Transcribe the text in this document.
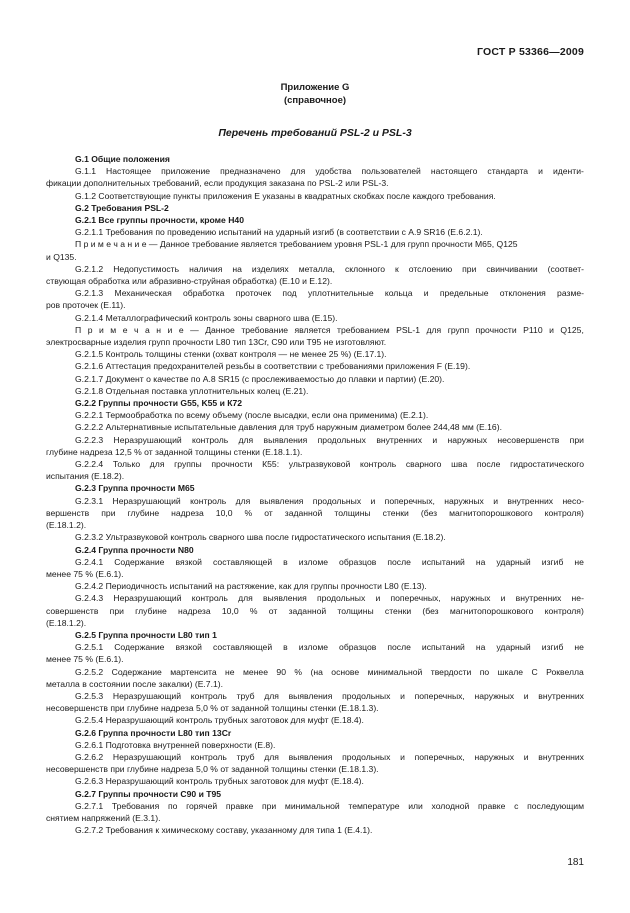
ГОСТ Р 53366—2009
Приложение G
(справочное)
Перечень требований PSL-2 и PSL-3
G.1 Общие положения
G.1.1 Настоящее приложение предназначено для удобства пользователей настоящего стандарта и иденти-
фикации дополнительных требований, если продукция заказана по PSL-2 или PSL-3.
G.1.2 Соответствующие пункты приложения Е указаны в квадратных скобках после каждого требования.
G.2 Требования PSL-2
G.2.1 Все группы прочности, кроме Н40
G.2.1.1 Требования по проведению испытаний на ударный изгиб (в соответствии с А.9 SR16 (Е.6.2.1).
П р и м е ч а н и е — Данное требование является требованием уровня PSL-1 для групп прочности М65, Q125
и Q135.
G.2.1.2 Недопустимость наличия на изделиях металла, склонного к отслоению при свинчивании (соответ-
ствующая обработка или абразивно-струйная обработка) (Е.10 и Е.12).
G.2.1.3 Механическая обработка проточек под уплотнительные кольца и предельные отклонения разме-
ров проточек (Е.11).
G.2.1.4 Металлографический контроль зоны сварного шва (Е.15).
П р и м е ч а н и е — Данное требование является требованием PSL-1 для групп прочности Р110 и Q125,
электросварные изделия групп прочности L80 тип 13Cr, С90 или Т95 не изготовляют.
G.2.1.5 Контроль толщины стенки (охват контроля — не менее 25 %) (Е.17.1).
G.2.1.6 Аттестация предохранителей резьбы в соответствии с требованиями приложения F (Е.19).
G.2.1.7 Документ о качестве по А.8 SR15 (с прослеживаемостью до плавки и партии) (Е.20).
G.2.1.8 Отдельная поставка уплотнительных колец (Е.21).
G.2.2 Группы прочности G55, K55 и К72
G.2.2.1 Термообработка по всему объему (после высадки, если она применима) (Е.2.1).
G.2.2.2 Альтернативные испытательные давления для труб наружным диаметром более 244,48 мм (Е.16).
G.2.2.3 Неразрушающий контроль для выявления продольных внутренних и наружных несовершенств при
глубине надреза 12,5 % от заданной толщины стенки (Е.18.1.1).
G.2.2.4 Только для группы прочности К55: ультразвуковой контроль сварного шва после гидростатического
испытания (Е.18.2).
G.2.3 Группа прочности М65
G.2.3.1 Неразрушающий контроль для выявления продольных и поперечных, наружных и внутренних несо-
вершенств при глубине надреза 10,0 % от заданной толщины стенки (без магнитопорошкового контроля)
(Е.18.1.2).
G.2.3.2 Ультразвуковой контроль сварного шва после гидростатического испытания (Е.18.2).
G.2.4 Группа прочности N80
G.2.4.1 Содержание вязкой составляющей в изломе образцов после испытаний на ударный изгиб не
менее 75 % (Е.6.1).
G.2.4.2 Периодичность испытаний на растяжение, как для группы прочности L80 (Е.13).
G.2.4.3 Неразрушающий контроль для выявления продольных и поперечных, наружных и внутренних не-
совершенств при глубине надреза 10,0 % от заданной толщины стенки (без магнитопорошкового контроля)
(Е.18.1.2).
G.2.5 Группа прочности L80 тип 1
G.2.5.1 Содержание вязкой составляющей в изломе образцов после испытаний на ударный изгиб не
менее 75 % (Е.6.1).
G.2.5.2 Содержание мартенсита не менее 90 % (на основе минимальной твердости по шкале С Роквелла
металла в состоянии после закалки) (Е.7.1).
G.2.5.3 Неразрушающий контроль труб для выявления продольных и поперечных, наружных и внутренних
несовершенств при глубине надреза 5,0 % от заданной толщины стенки (Е.18.1.3).
G.2.5.4 Неразрушающий контроль трубных заготовок для муфт (Е.18.4).
G.2.6 Группа прочности L80 тип 13Cr
G.2.6.1 Подготовка внутренней поверхности (Е.8).
G.2.6.2 Неразрушающий контроль труб для выявления продольных и поперечных, наружных и внутренних
несовершенств при глубине надреза 5,0 % от заданной толщины стенки (Е.18.1.3).
G.2.6.3 Неразрушающий контроль трубных заготовок для муфт (Е.18.4).
G.2.7 Группы прочности С90 и Т95
G.2.7.1 Требования по горячей правке при минимальной температуре или холодной правке с последующим
снятием напряжений (Е.3.1).
G.2.7.2 Требования к химическому составу, указанному для типа 1 (Е.4.1).
181
